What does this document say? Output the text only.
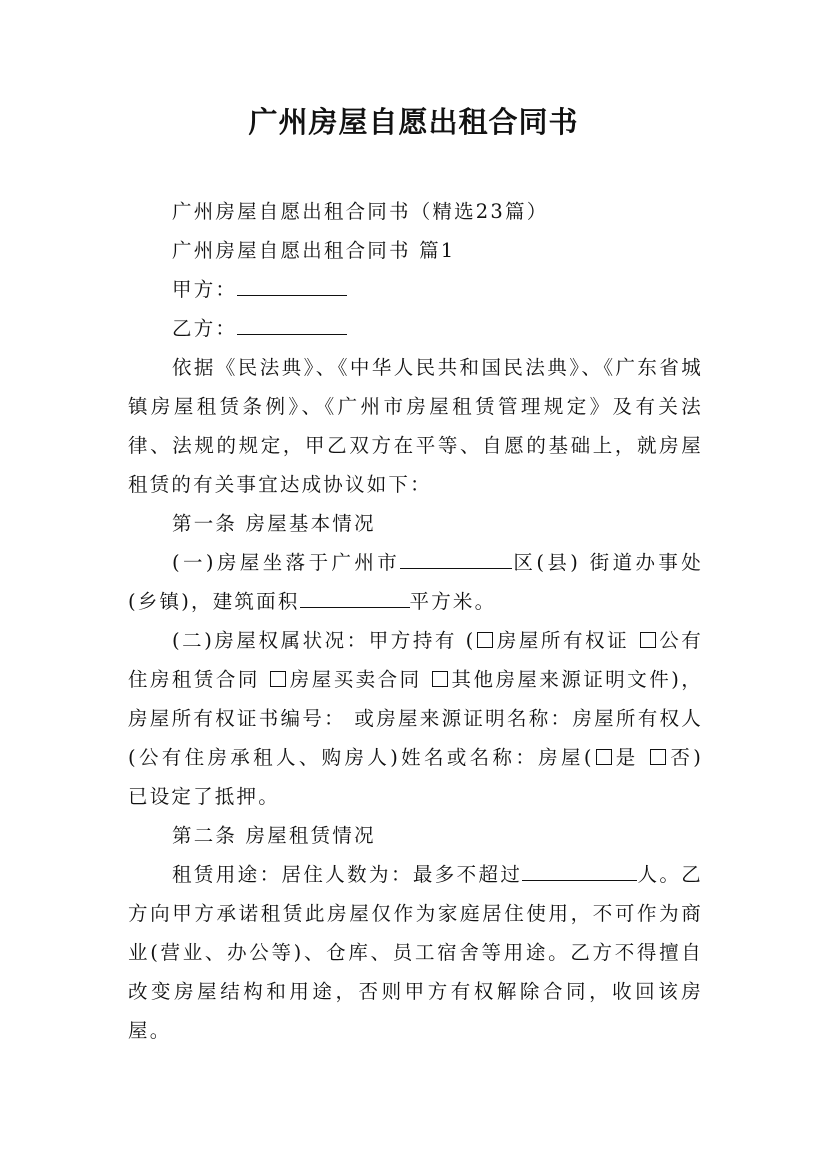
广州房屋自愿出租合同书

广州房屋自愿出租合同书（精选23篇）

广州房屋自愿出租合同书 篇1

甲方：

乙方：

依据《民法典》、《中华人民共和国民法典》、《广东省城镇房屋租赁条例》、《广州市房屋租赁管理规定》及有关法律、法规的规定，甲乙双方在平等、自愿的基础上，就房屋租赁的有关事宜达成协议如下：

第一条 房屋基本情况

(一)房屋坐落于广州市	区(县) 街道办事处(乡镇)，建筑面积	平方米。

(二)房屋权属状况：甲方持有 ( 房屋所有权证 公有住房租赁合同 房屋买卖合同 其他房屋来源证明文件)，房屋所有权证书编号： 或房屋来源证明名称：房屋所有权人(公有住房承租人、购房人)姓名或名称：房屋( 是 否) 已设定了抵押。

第二条 房屋租赁情况

租赁用途：居住人数为：最多不超过	人。乙方向甲方承诺租赁此房屋仅作为家庭居住使用，不可作为商业(营业、办公等)、仓库、员工宿舍等用途。乙方不得擅自改变房屋结构和用途，否则甲方有权解除合同，收回该房屋。
